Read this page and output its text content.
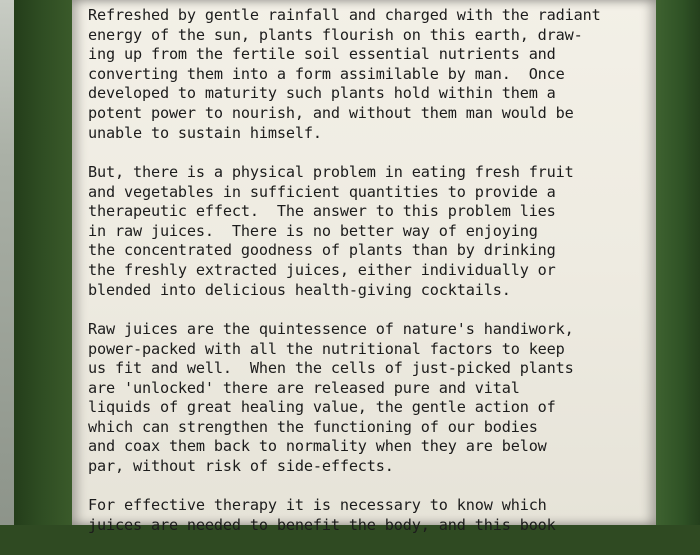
Refreshed by gentle rainfall and charged with the radiant
energy of the sun, plants flourish on this earth, draw-
ing up from the fertile soil essential nutrients and
converting them into a form assimilable by man.  Once
developed to maturity such plants hold within them a
potent power to nourish, and without them man would be
unable to sustain himself.

But, there is a physical problem in eating fresh fruit
and vegetables in sufficient quantities to provide a
therapeutic effect.  The answer to this problem lies
in raw juices.  There is no better way of enjoying
the concentrated goodness of plants than by drinking
the freshly extracted juices, either individually or
blended into delicious health-giving cocktails.

Raw juices are the quintessence of nature's handiwork,
power-packed with all the nutritional factors to keep
us fit and well.  When the cells of just-picked plants
are 'unlocked' there are released pure and vital
liquids of great healing value, the gentle action of
which can strengthen the functioning of our bodies
and coax them back to normality when they are below
par, without risk of side-effects.

For effective therapy it is necessary to know which
juices are needed to benefit the body, and this book
